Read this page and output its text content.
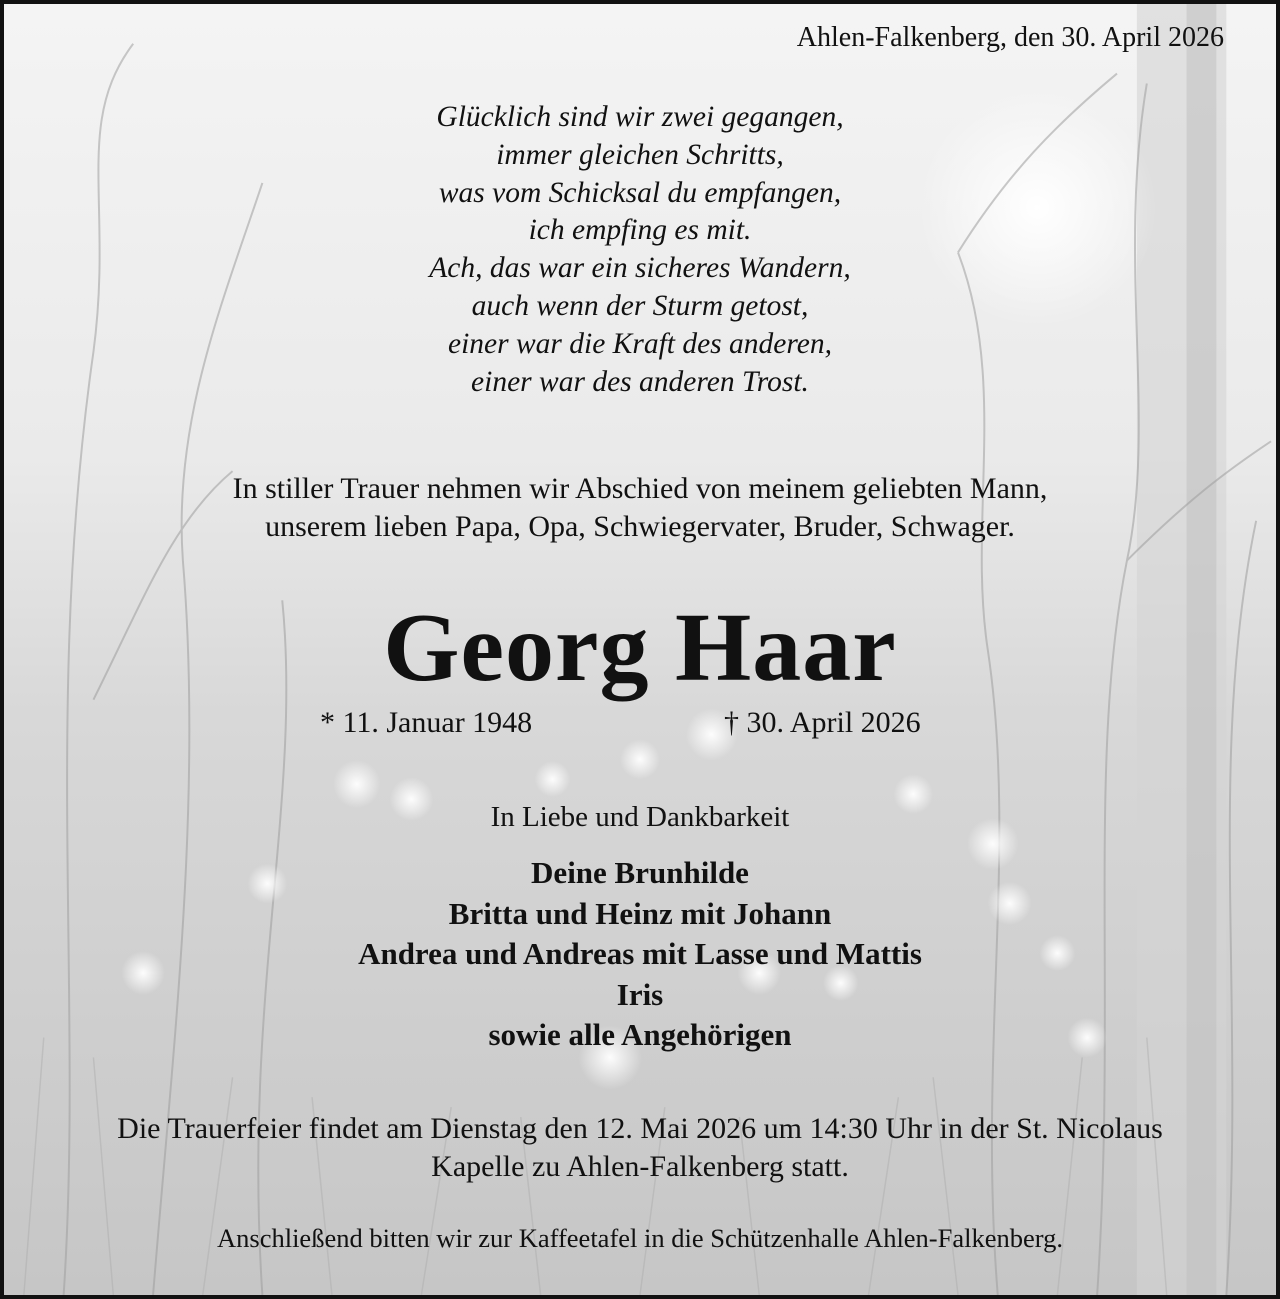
Ahlen-Falkenberg, den 30. April 2026
Glücklich sind wir zwei gegangen,
immer gleichen Schritts,
was vom Schicksal du empfangen,
ich empfing es mit.
Ach, das war ein sicheres Wandern,
auch wenn der Sturm getost,
einer war die Kraft des anderen,
einer war des anderen Trost.
In stiller Trauer nehmen wir Abschied von meinem geliebten Mann,
unserem lieben Papa, Opa, Schwiegervater, Bruder, Schwager.
Georg Haar
* 11. Januar 1948	† 30. April 2026
In Liebe und Dankbarkeit
Deine Brunhilde
Britta und Heinz mit Johann
Andrea und Andreas mit Lasse und Mattis
Iris
sowie alle Angehörigen
Die Trauerfeier findet am Dienstag den 12. Mai 2026 um 14:30 Uhr in der St. Nicolaus
Kapelle zu Ahlen-Falkenberg statt.
Anschließend bitten wir zur Kaffeetafel in die Schützenhalle Ahlen-Falkenberg.
